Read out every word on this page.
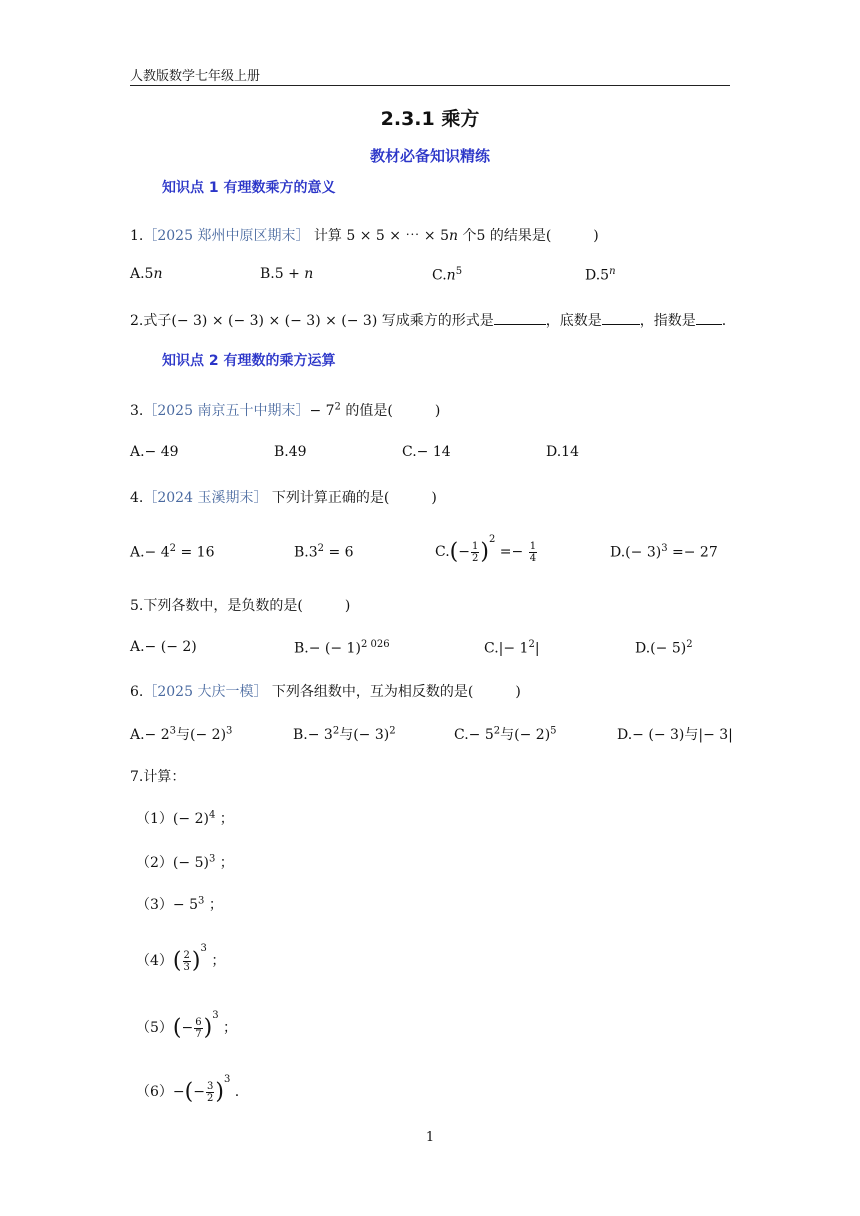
人教版数学七年级上册
2.3.1 乘方
教材必备知识精练
知识点 1 有理数乘方的意义
1.［2025 郑州中原区期末］ 计算 5 × 5 × ⋯ × 5n 个5 的结果是(　　　)
A.5n	B.5 + n	$C.n^5$	D.5$^n$
2.式子(− 3) × (− 3) × (− 3) × (− 3) 写成乘方的形式是	，底数是	，指数是 .
知识点 2 有理数的乘方运算
3.［2025 南京五十中期末］− $7^2$ 的值是(　　　)
A.− 49	B.49	C.− 14	D.14
4.［2024 玉溪期末］ 下列计算正确的是(　　　)
$A.- 4^2 = 16$	$B.3^2 = 6$	$C.(- \frac{1}{2} )^2 =- \frac{1}{4}$	$D.(- 3)^3 =- 27$
5.下列各数中，是负数的是(　　　)
A.− (− 2)	B.− (− 1)$^{2 026}$	$C.|- 1^2|$	$D.(- 5)^2$
6.［2025 大庆一模］ 下列各组数中，互为相反数的是(　　　)
$A.- 2^3$与(− 2)$^3$	$B.- 3^2$与(− 3)$^2$	$C.- 5^2$与(− 2)$^5$	D.− (− 3)与|− 3|
7.计算：
$(1)(- 2)^4$ ；
$(2)(- 5)^3$ ；
$(3)- 5^3$ ；
$(4)( \frac{2}{3} )^3$ ；
$(5)(- \frac{6}{7} )^3$ ；
$(6)-(- \frac{3}{2} )^3$ .
1
